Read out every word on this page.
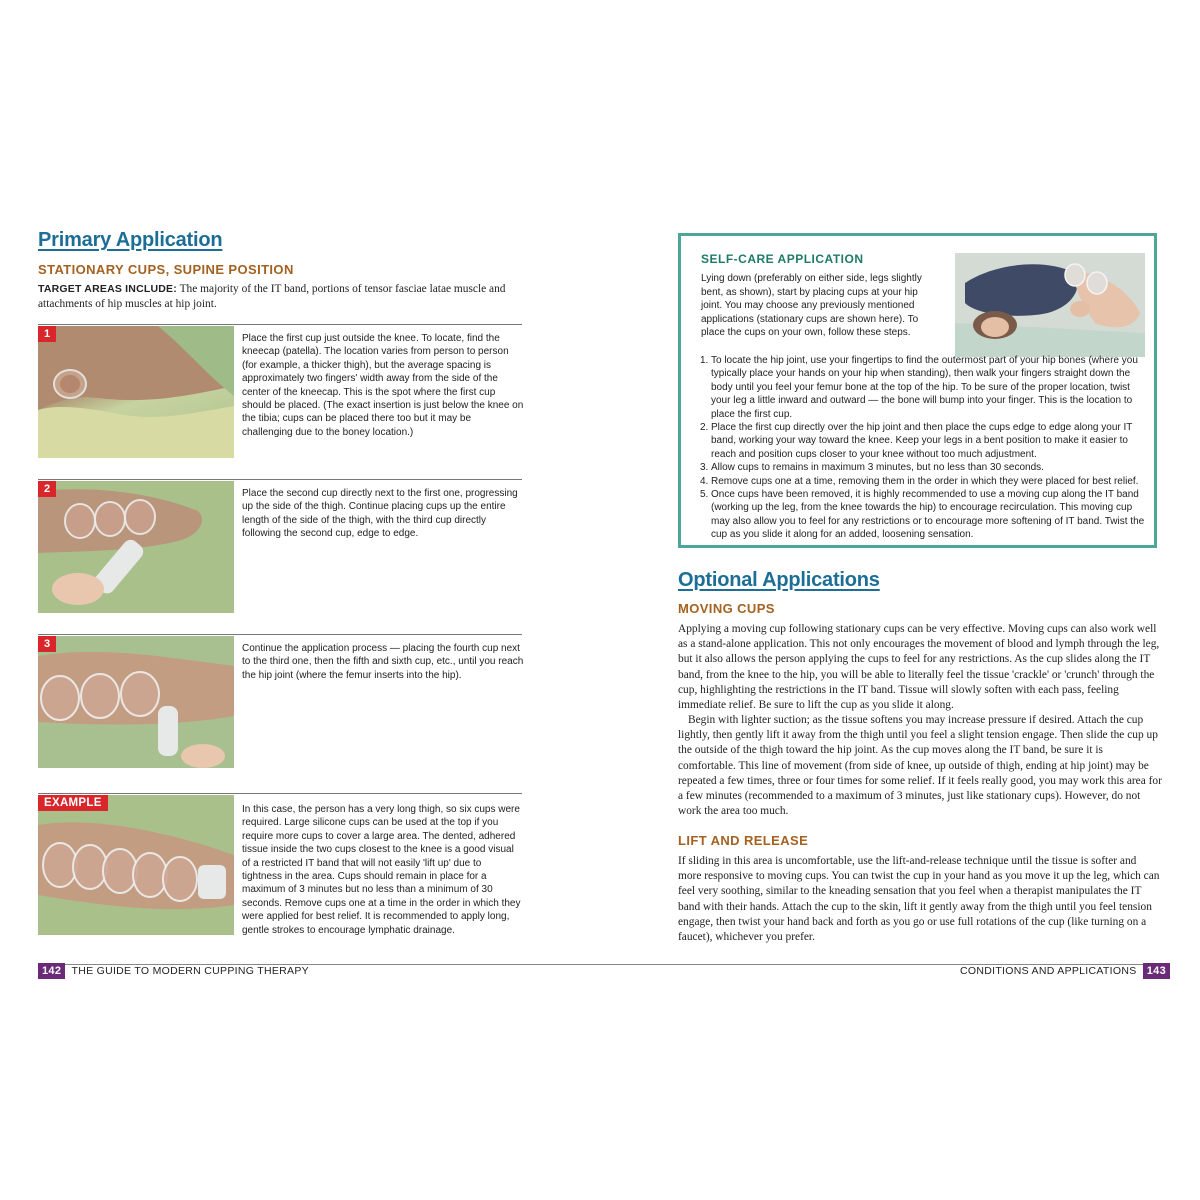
Primary Application
STATIONARY CUPS, SUPINE POSITION

TARGET AREAS INCLUDE: The majority of the IT band, portions of tensor fasciae latae muscle and attachments of hip muscles at hip joint.

1	Place the first cup just outside the knee. To locate, find the kneecap (patella). The location varies from person to person (for example, a thicker thigh), but the average spacing is approximately two fingers' width away from the side of the center of the kneecap. This is the spot where the first cup should be placed. (The exact insertion is just below the knee on the tibia; cups can be placed there too but it may be challenging due to the boney location.)

2	Place the second cup directly next to the first one, progressing up the side of the thigh. Continue placing cups up the entire length of the side of the thigh, with the third cup directly following the second cup, edge to edge.

3	Continue the application process — placing the fourth cup next to the third one, then the fifth and sixth cup, etc., until you reach the hip joint (where the femur inserts into the hip).

EXAMPLE

In this case, the person has a very long thigh, so six cups were required. Large silicone cups can be used at the top if you require more cups to cover a large area. The dented, adhered tissue inside the two cups closest to the knee is a good visual of a restricted IT band that will not easily 'lift up' due to tightness in the area. Cups should remain in place for a maximum of 3 minutes but no less than a minimum of 30 seconds. Remove cups one at a time in the order in which they were applied for best relief. It is recommended to apply long, gentle strokes to encourage lymphatic drainage.

142 THE GUIDE TO MODERN CUPPING THERAPY	CONDITIONS AND APPLICATIONS 143
SELF-CARE APPLICATION

Lying down (preferably on either side, legs slightly bent, as shown), start by placing cups at your hip joint. You may choose any previously mentioned applications (stationary cups are shown here). To place the cups on your own, follow these steps.

1. To locate the hip joint, use your fingertips to find the outermost part of your hip bones (where you typically place your hands on your hip when standing), then walk your fingers straight down the body until you feel your femur bone at the top of the hip. To be sure of the proper location, twist your leg a little inward and outward — the bone will bump into your finger. This is the location to place the first cup.
2. Place the first cup directly over the hip joint and then place the cups edge to edge along your IT band, working your way toward the knee. Keep your legs in a bent position to make it easier to reach and position cups closer to your knee without too much adjustment.
3. Allow cups to remains in maximum 3 minutes, but no less than 30 seconds.
4. Remove cups one at a time, removing them in the order in which they were placed for best relief.
5. Once cups have been removed, it is highly recommended to use a moving cup along the IT band (working up the leg, from the knee towards the hip) to encourage recirculation. This moving cup may also allow you to feel for any restrictions or to encourage more softening of IT band. Twist the cup as you slide it along for an added, loosening sensation.
Optional Applications
MOVING CUPS

Applying a moving cup following stationary cups can be very effective. Moving cups can also work well as a stand-alone application. This not only encourages the movement of blood and lymph through the leg, but it also allows the person applying the cups to feel for any restrictions. As the cup slides along the IT band, from the knee to the hip, you will be able to literally feel the tissue 'crackle' or 'crunch' through the cup, highlighting the restrictions in the IT band. Tissue will slowly soften with each pass, feeling immediate relief. Be sure to lift the cup as you slide it along.

Begin with lighter suction; as the tissue softens you may increase pressure if desired. Attach the cup lightly, then gently lift it away from the thigh until you feel a slight tension engage. Then slide the cup up the outside of the thigh toward the hip joint. As the cup moves along the IT band, be sure it is comfortable. This line of movement (from side of knee, up outside of thigh, ending at hip joint) may be repeated a few times, three or four times for some relief. If it feels really good, you may work this area for a few minutes (recommended to a maximum of 3 minutes, just like stationary cups). However, do not work the area too much.

LIFT AND RELEASE

If sliding in this area is uncomfortable, use the lift-and-release technique until the tissue is softer and more responsive to moving cups. You can twist the cup in your hand as you move it up the leg, which can feel very soothing, similar to the kneading sensation that you feel when a therapist manipulates the IT band with their hands. Attach the cup to the skin, lift it gently away from the thigh until you feel tension engage, then twist your hand back and forth as you go or use full rotations of the cup (like turning on a faucet), whichever you prefer.
